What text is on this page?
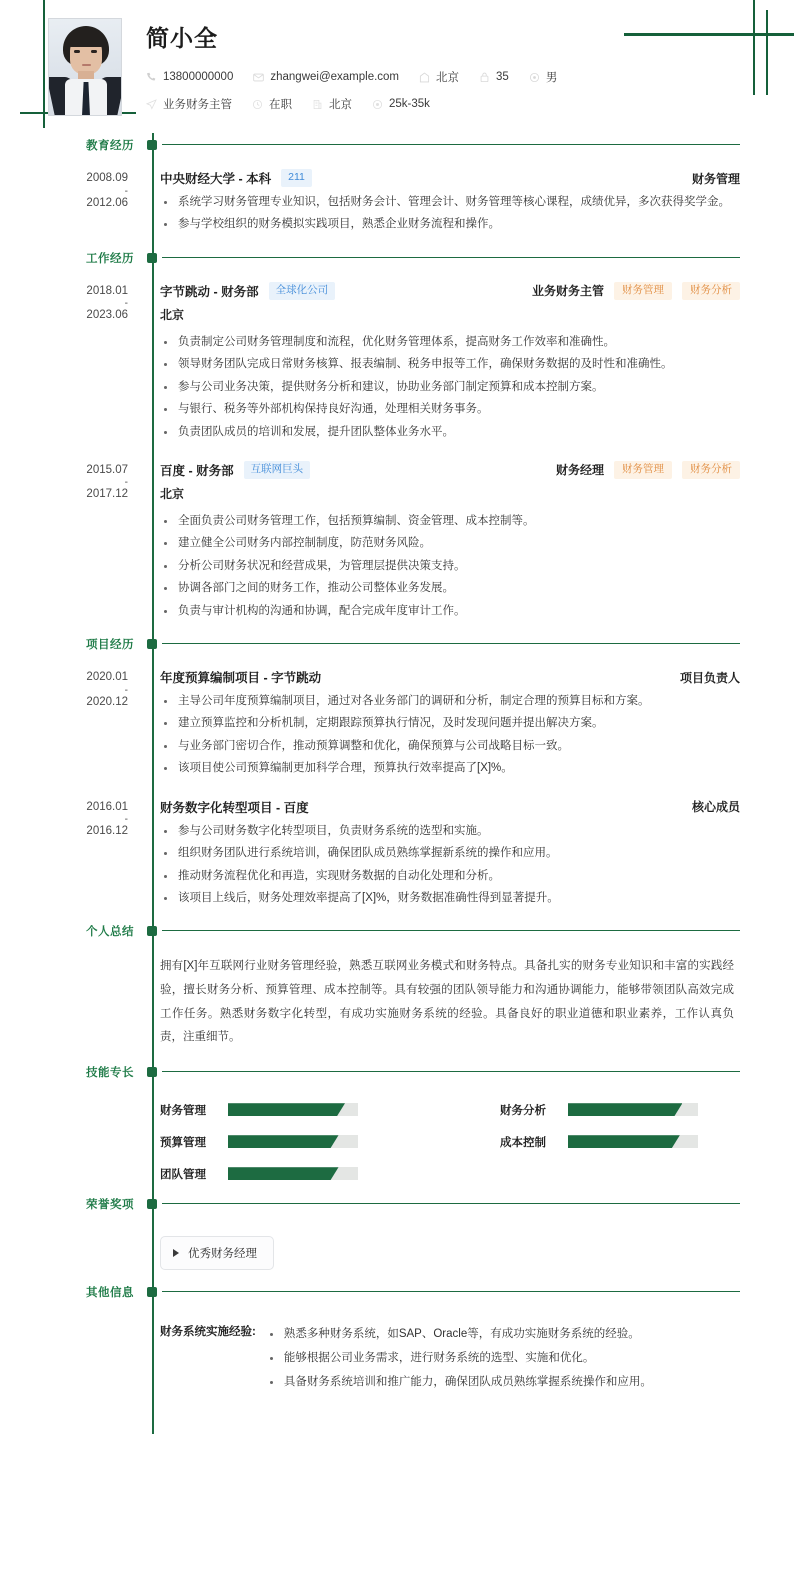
简小全
13800000000	zhangwei@example.com	北京	35	男
业务财务主管	在职	北京	25k-35k
教育经历
2008.09
-
2012.06
中央财经大学 - 本科	211	财务管理
系统学习财务管理专业知识，包括财务会计、管理会计、财务管理等核心课程，成绩优异，多次获得奖学金。
参与学校组织的财务模拟实践项目，熟悉企业财务流程和操作。
工作经历
2018.01
-
2023.06
字节跳动 - 财务部	全球化公司	业务财务主管	财务管理	财务分析
北京
负责制定公司财务管理制度和流程，优化财务管理体系，提高财务工作效率和准确性。
领导财务团队完成日常财务核算、报表编制、税务申报等工作，确保财务数据的及时性和准确性。
参与公司业务决策，提供财务分析和建议，协助业务部门制定预算和成本控制方案。
与银行、税务等外部机构保持良好沟通，处理相关财务事务。
负责团队成员的培训和发展，提升团队整体业务水平。
2015.07
-
2017.12
百度 - 财务部	互联网巨头	财务经理	财务管理	财务分析
北京
全面负责公司财务管理工作，包括预算编制、资金管理、成本控制等。
建立健全公司财务内部控制制度，防范财务风险。
分析公司财务状况和经营成果，为管理层提供决策支持。
协调各部门之间的财务工作，推动公司整体业务发展。
负责与审计机构的沟通和协调，配合完成年度审计工作。
项目经历
2020.01
-
2020.12
年度预算编制项目 - 字节跳动	项目负责人
主导公司年度预算编制项目，通过对各业务部门的调研和分析，制定合理的预算目标和方案。
建立预算监控和分析机制，定期跟踪预算执行情况，及时发现问题并提出解决方案。
与业务部门密切合作，推动预算调整和优化，确保预算与公司战略目标一致。
该项目使公司预算编制更加科学合理，预算执行效率提高了[X]%。
2016.01
-
2016.12
财务数字化转型项目 - 百度	核心成员
参与公司财务数字化转型项目，负责财务系统的选型和实施。
组织财务团队进行系统培训，确保团队成员熟练掌握新系统的操作和应用。
推动财务流程优化和再造，实现财务数据的自动化处理和分析。
该项目上线后，财务处理效率提高了[X]%，财务数据准确性得到显著提升。
个人总结
拥有[X]年互联网行业财务管理经验，熟悉互联网业务模式和财务特点。具备扎实的财务专业知识和丰富的实践经验，擅长财务分析、预算管理、成本控制等。具有较强的团队领导能力和沟通协调能力，能够带领团队高效完成工作任务。熟悉财务数字化转型，有成功实施财务系统的经验。具备良好的职业道德和职业素养，工作认真负责，注重细节。
技能专长
财务管理	财务分析
预算管理	成本控制
团队管理
荣誉奖项
优秀财务经理
其他信息
财务系统实施经验:	熟悉多种财务系统，如SAP、Oracle等，有成功实施财务系统的经验。
能够根据公司业务需求，进行财务系统的选型、实施和优化。
具备财务系统培训和推广能力，确保团队成员熟练掌握系统操作和应用。
